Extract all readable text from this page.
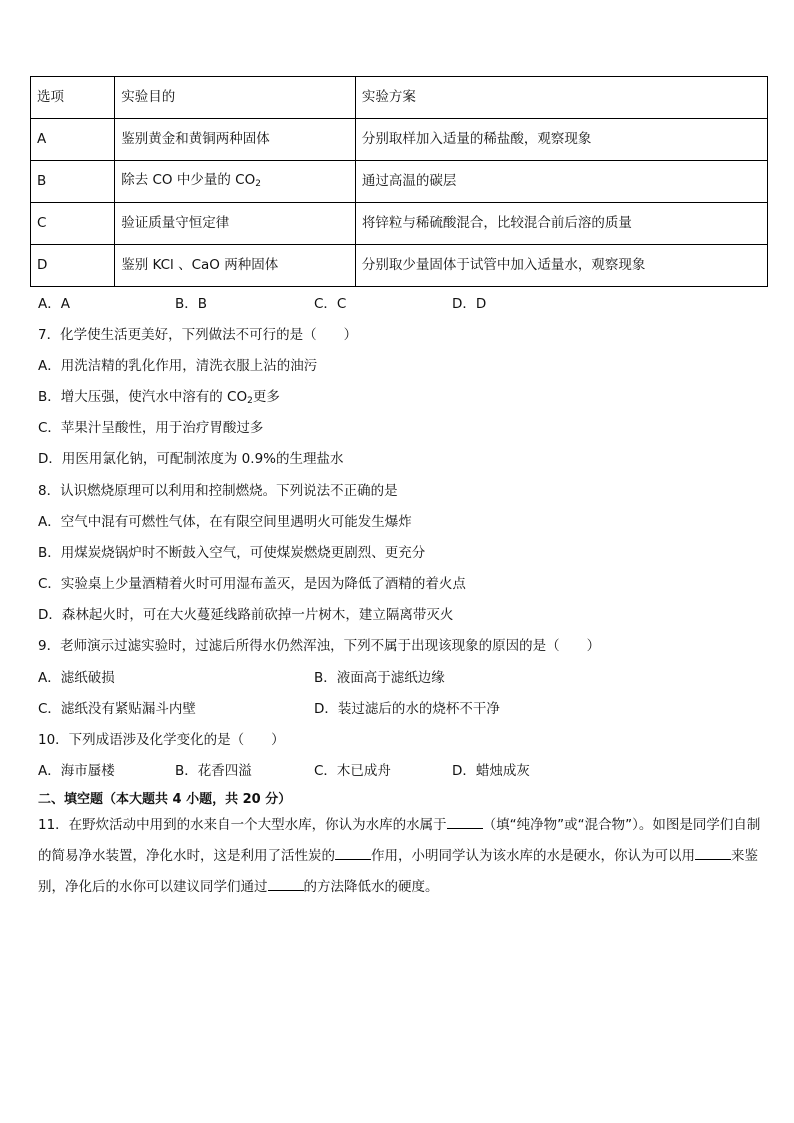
选项	实验目的	实验方案
A	鉴别黄金和黄铜两种固体	分别取样加入适量的稀盐酸，观察现象
B	除去 CO 中少量的 $CO_2$	通过高温的碳层
C	验证质量守恒定律	将锌粒与稀硫酸混合，比较混合前后溶的质量
D	鉴别 KCl 、CaO 两种固体	分别取少量固体于试管中加入适量水，观察现象
A．A	B．B	C．C	D．D
7．化学使生活更美好，下列做法不可行的是（　　）
A．用洗洁精的乳化作用，清洗衣服上沾的油污
B．增大压强，使汽水中溶有的 $CO_2$更多
C．苹果汁呈酸性，用于治疗胃酸过多
D．用医用氯化钠，可配制浓度为 0.9%的生理盐水
8．认识燃烧原理可以利用和控制燃烧。下列说法不正确的是
A．空气中混有可燃性气体，在有限空间里遇明火可能发生爆炸
B．用煤炭烧锅炉时不断鼓入空气，可使煤炭燃烧更剧烈、更充分
C．实验桌上少量酒精着火时可用湿布盖灭，是因为降低了酒精的着火点
D．森林起火时，可在大火蔓延线路前砍掉一片树木，建立隔离带灭火
9．老师演示过滤实验时，过滤后所得水仍然浑浊，下列不属于出现该现象的原因的是（　　）
A．滤纸破损	B．液面高于滤纸边缘
C．滤纸没有紧贴漏斗内壁	D．装过滤后的水的烧杯不干净
10．下列成语涉及化学变化的是（　　）
A．海市蜃楼	B．花香四溢	C．木已成舟	D．蜡烛成灰
二、填空题（本大题共 4 小题，共 20 分）
11．在野炊活动中用到的水来自一个大型水库，你认为水库的水属于	（填“纯净物”或“混合物”）。如图是同学们自制的简易净水装置，净化水时，这是利用了活性炭的	作用，小明同学认为该水库的水是硬水，你认为可以用	来鉴别，净化后的水你可以建议同学们通过	的方法降低水的硬度。
